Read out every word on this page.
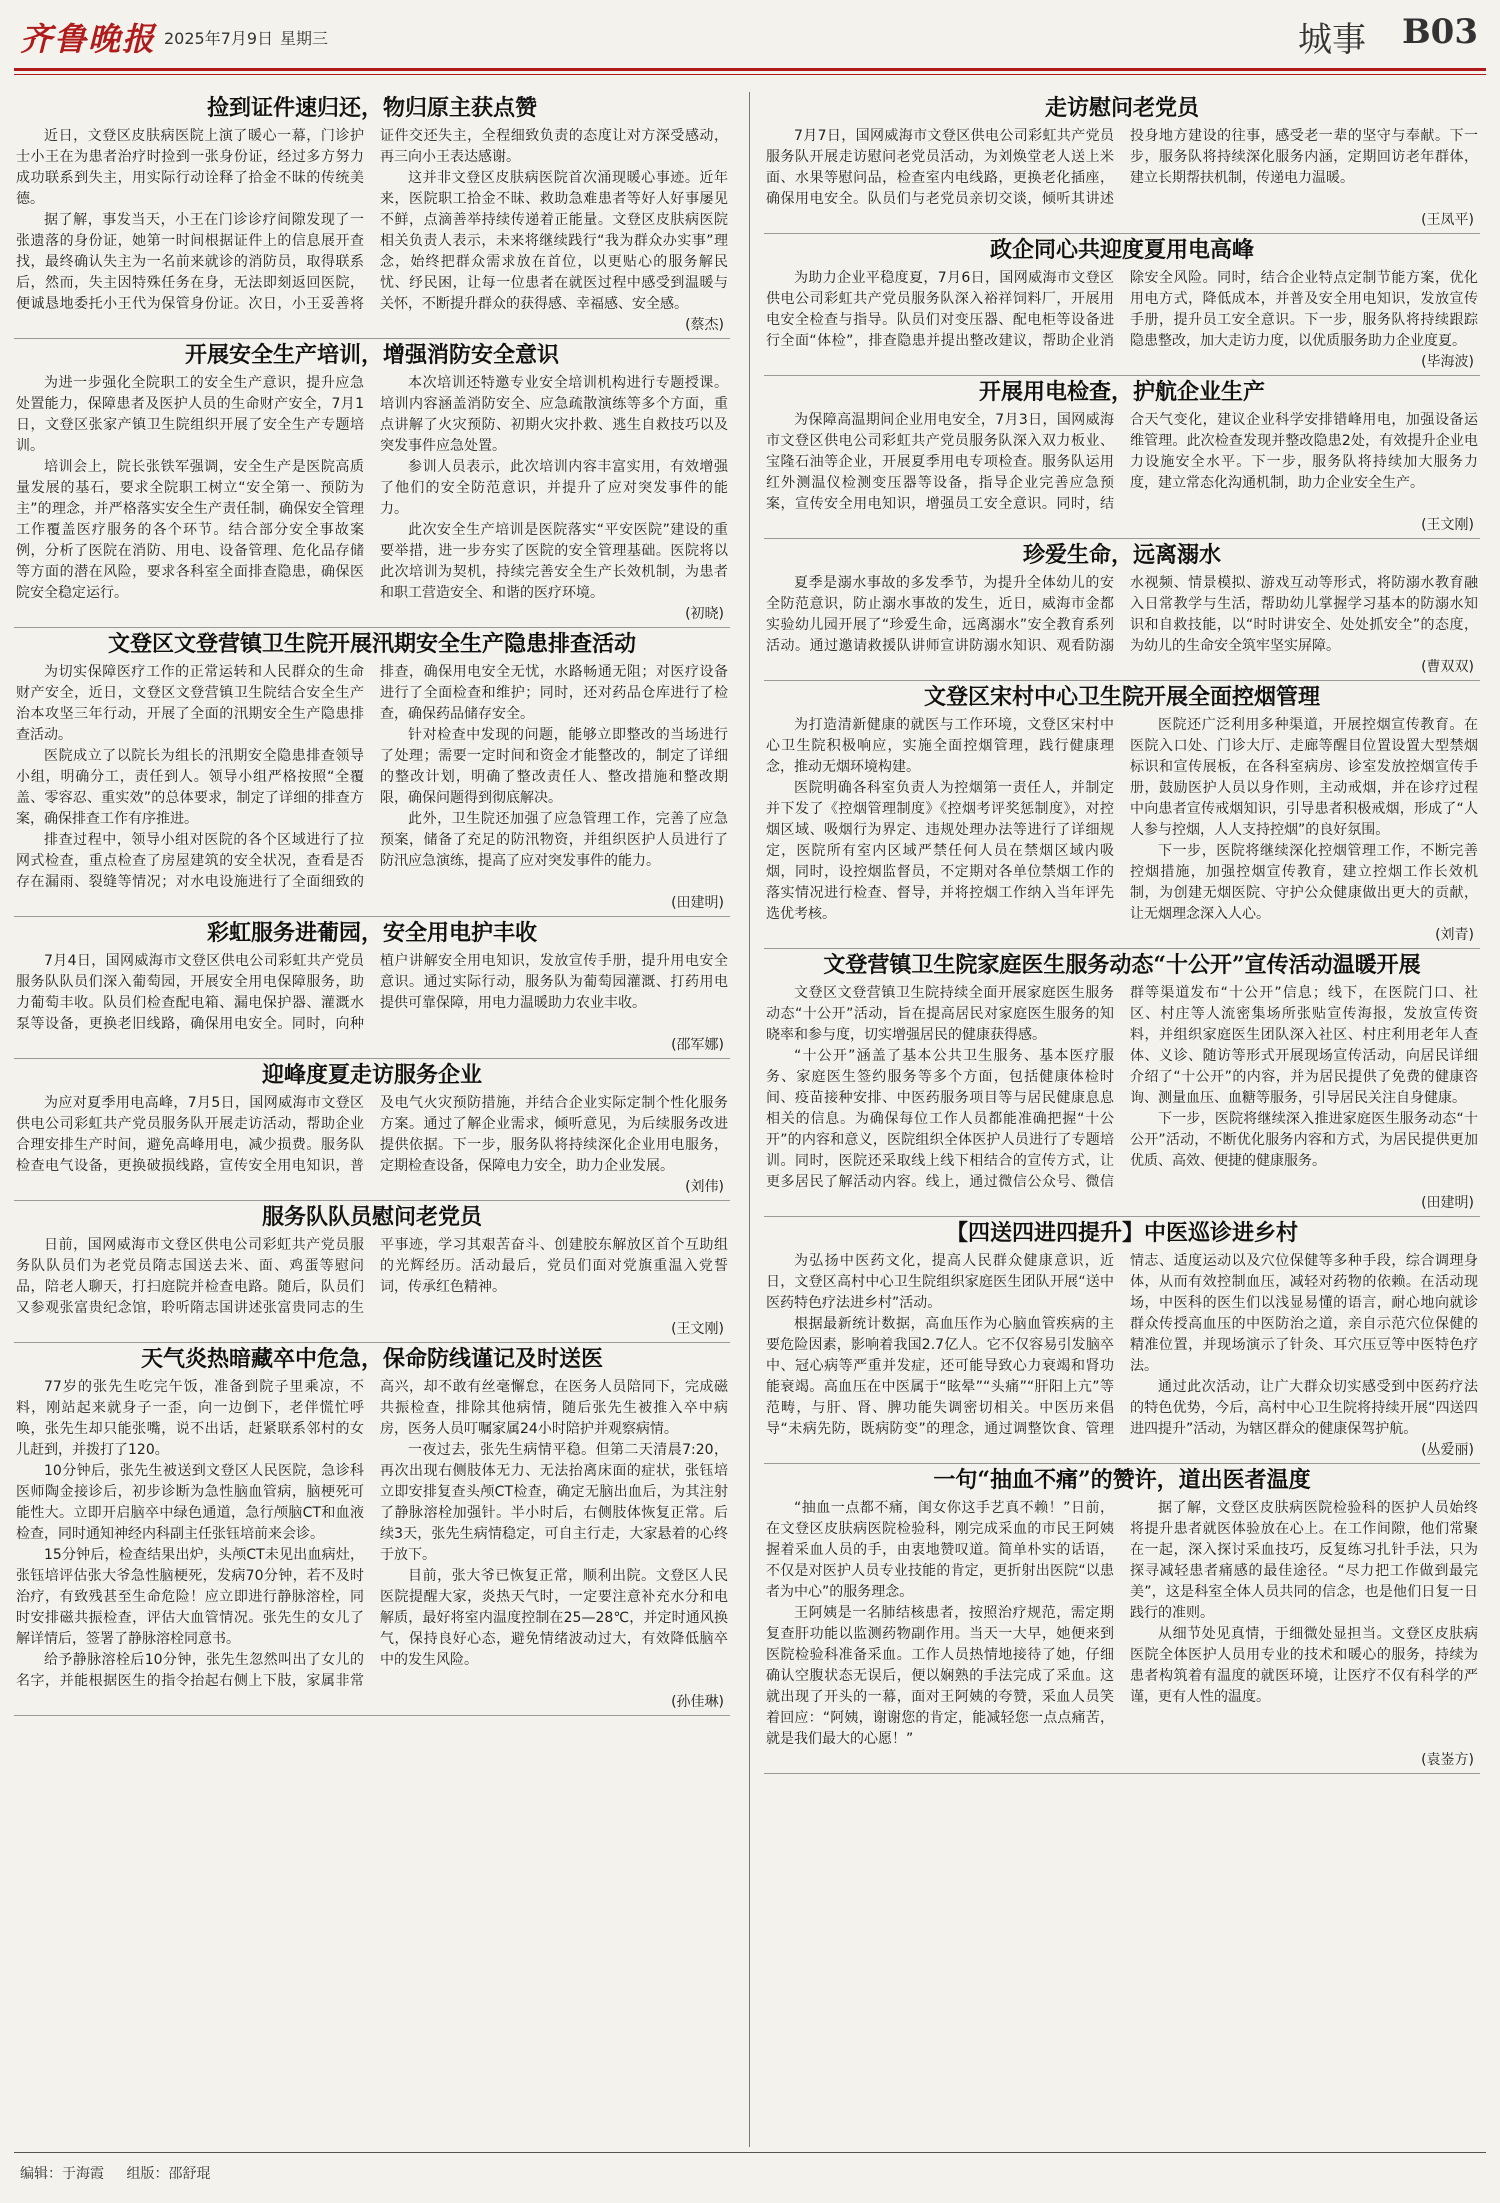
齐鲁晚报 2025年7月9日 星期三	城事 B03
捡到证件速归还，物归原主获点赞

近日，文登区皮肤病医院上演了暖心一幕，门诊护士小王在为患者治疗时捡到一张身份证，经过多方努力成功联系到失主，用实际行动诠释了拾金不昧的传统美德。

据了解，事发当天，小王在门诊诊疗间隙发现了一张遗落的身份证，她第一时间根据证件上的信息展开查找，最终确认失主为一名前来就诊的消防员，取得联系后，然而，失主因特殊任务在身，无法即刻返回医院，便诚恳地委托小王代为保管身份证。次日，小王妥善将证件交还失主，全程细致负责的态度让对方深受感动，再三向小王表达感谢。

这并非文登区皮肤病医院首次涌现暖心事迹。近年来，医院职工拾金不昧、救助急难患者等好人好事屡见不鲜，点滴善举持续传递着正能量。文登区皮肤病医院相关负责人表示，未来将继续践行“我为群众办实事”理念，始终把群众需求放在首位，以更贴心的服务解民忧、纾民困，让每一位患者在就医过程中感受到温暖与关怀，不断提升群众的获得感、幸福感、安全感。

(蔡杰)
开展安全生产培训，增强消防安全意识

为进一步强化全院职工的安全生产意识，提升应急处置能力，保障患者及医护人员的生命财产安全，7月1日，文登区张家产镇卫生院组织开展了安全生产专题培训。

培训会上，院长张铁军强调，安全生产是医院高质量发展的基石，要求全院职工树立“安全第一、预防为主”的理念，并严格落实安全生产责任制，确保安全管理工作覆盖医疗服务的各个环节。结合部分安全事故案例，分析了医院在消防、用电、设备管理、危化品存储等方面的潜在风险，要求各科室全面排查隐患，确保医院安全稳定运行。

本次培训还特邀专业安全培训机构进行专题授课。培训内容涵盖消防安全、应急疏散演练等多个方面，重点讲解了火灾预防、初期火灾扑救、逃生自救技巧以及突发事件应急处置。

参训人员表示，此次培训内容丰富实用，有效增强了他们的安全防范意识，并提升了应对突发事件的能力。

此次安全生产培训是医院落实“平安医院”建设的重要举措，进一步夯实了医院的安全管理基础。医院将以此次培训为契机，持续完善安全生产长效机制，为患者和职工营造安全、和谐的医疗环境。

(初晓)
文登区文登营镇卫生院开展汛期安全生产隐患排查活动

为切实保障医疗工作的正常运转和人民群众的生命财产安全，近日，文登区文登营镇卫生院结合安全生产治本攻坚三年行动，开展了全面的汛期安全生产隐患排查活动。

医院成立了以院长为组长的汛期安全隐患排查领导小组，明确分工，责任到人。领导小组严格按照“全覆盖、零容忍、重实效”的总体要求，制定了详细的排查方案，确保排查工作有序推进。

排查过程中，领导小组对医院的各个区域进行了拉网式检查，重点检查了房屋建筑的安全状况，查看是否存在漏雨、裂缝等情况；对水电设施进行了全面细致的排查，确保用电安全无忧，水路畅通无阻；对医疗设备进行了全面检查和维护；同时，还对药品仓库进行了检查，确保药品储存安全。

针对检查中发现的问题，能够立即整改的当场进行了处理；需要一定时间和资金才能整改的，制定了详细的整改计划，明确了整改责任人、整改措施和整改期限，确保问题得到彻底解决。

此外，卫生院还加强了应急管理工作，完善了应急预案，储备了充足的防汛物资，并组织医护人员进行了防汛应急演练，提高了应对突发事件的能力。

(田建明)
彩虹服务进葡园，安全用电护丰收

7月4日，国网威海市文登区供电公司彩虹共产党员服务队队员们深入葡萄园，开展安全用电保障服务，助力葡萄丰收。队员们检查配电箱、漏电保护器、灌溉水泵等设备，更换老旧线路，确保用电安全。同时，向种植户讲解安全用电知识，发放宣传手册，提升用电安全意识。通过实际行动，服务队为葡萄园灌溉、打药用电提供可靠保障，用电力温暖助力农业丰收。

(邵军娜)
迎峰度夏走访服务企业

为应对夏季用电高峰，7月5日，国网威海市文登区供电公司彩虹共产党员服务队开展走访活动，帮助企业合理安排生产时间，避免高峰用电，减少损费。服务队检查电气设备，更换破损线路，宣传安全用电知识，普及电气火灾预防措施，并结合企业实际定制个性化服务方案。通过了解企业需求，倾听意见，为后续服务改进提供依据。下一步，服务队将持续深化企业用电服务，定期检查设备，保障电力安全，助力企业发展。

(刘伟)
服务队队员慰问老党员

日前，国网威海市文登区供电公司彩虹共产党员服务队队员们为老党员隋志国送去米、面、鸡蛋等慰问品，陪老人聊天，打扫庭院并检查电路。随后，队员们又参观张富贵纪念馆，聆听隋志国讲述张富贵同志的生平事迹，学习其艰苦奋斗、创建胶东解放区首个互助组的光辉经历。活动最后，党员们面对党旗重温入党誓词，传承红色精神。

(王文刚)
天气炎热暗藏卒中危急，保命防线谨记及时送医

77岁的张先生吃完午饭，准备到院子里乘凉，不料，刚站起来就身子一歪，向一边倒下，老伴慌忙呼唤，张先生却只能张嘴，说不出话，赶紧联系邻村的女儿赶到，并拨打了120。

10分钟后，张先生被送到文登区人民医院，急诊科医师陶金接诊后，初步诊断为急性脑血管病，脑梗死可能性大。立即开启脑卒中绿色通道，急行颅脑CT和血液检查，同时通知神经内科副主任张钰培前来会诊。

15分钟后，检查结果出炉，头颅CT未见出血病灶，张钰培评估张大爷急性脑梗死，发病70分钟，若不及时治疗，有致残甚至生命危险！应立即进行静脉溶栓，同时安排磁共振检查，评估大血管情况。张先生的女儿了解详情后，签署了静脉溶栓同意书。

给予静脉溶栓后10分钟，张先生忽然叫出了女儿的名字，并能根据医生的指令抬起右侧上下肢，家属非常高兴，却不敢有丝毫懈怠，在医务人员陪同下，完成磁共振检查，排除其他病情，随后张先生被推入卒中病房，医务人员叮嘱家属24小时陪护并观察病情。

一夜过去，张先生病情平稳。但第二天清晨7:20，再次出现右侧肢体无力、无法抬离床面的症状，张钰培立即安排复查头颅CT检查，确定无脑出血后，为其注射了静脉溶栓加强针。半小时后，右侧肢体恢复正常。后续3天，张先生病情稳定，可自主行走，大家悬着的心终于放下。

目前，张大爷已恢复正常，顺利出院。文登区人民医院提醒大家，炎热天气时，一定要注意补充水分和电解质，最好将室内温度控制在25—28℃，并定时通风换气，保持良好心态，避免情绪波动过大，有效降低脑卒中的发生风险。

(孙佳琳)
走访慰问老党员

7月7日，国网威海市文登区供电公司彩虹共产党员服务队开展走访慰问老党员活动，为刘焕堂老人送上米面、水果等慰问品，检查室内电线路，更换老化插座，确保用电安全。队员们与老党员亲切交谈，倾听其讲述投身地方建设的往事，感受老一辈的坚守与奉献。下一步，服务队将持续深化服务内涵，定期回访老年群体，建立长期帮扶机制，传递电力温暖。

(王凤平)
政企同心共迎度夏用电高峰

为助力企业平稳度夏，7月6日，国网威海市文登区供电公司彩虹共产党员服务队深入裕祥饲料厂，开展用电安全检查与指导。队员们对变压器、配电柜等设备进行全面“体检”，排查隐患并提出整改建议，帮助企业消除安全风险。同时，结合企业特点定制节能方案，优化用电方式，降低成本，并普及安全用电知识，发放宣传手册，提升员工安全意识。下一步，服务队将持续跟踪隐患整改，加大走访力度，以优质服务助力企业度夏。

(毕海波)
开展用电检查，护航企业生产

为保障高温期间企业用电安全，7月3日，国网威海市文登区供电公司彩虹共产党员服务队深入双力板业、宝隆石油等企业，开展夏季用电专项检查。服务队运用红外测温仪检测变压器等设备，指导企业完善应急预案，宣传安全用电知识，增强员工安全意识。同时，结合天气变化，建议企业科学安排错峰用电，加强设备运维管理。此次检查发现并整改隐患2处，有效提升企业电力设施安全水平。下一步，服务队将持续加大服务力度，建立常态化沟通机制，助力企业安全生产。

(王文刚)
珍爱生命，远离溺水

夏季是溺水事故的多发季节，为提升全体幼儿的安全防范意识，防止溺水事故的发生，近日，威海市金都实验幼儿园开展了“珍爱生命，远离溺水”安全教育系列活动。通过邀请救援队讲师宣讲防溺水知识、观看防溺水视频、情景模拟、游戏互动等形式，将防溺水教育融入日常教学与生活，帮助幼儿掌握学习基本的防溺水知识和自救技能，以“时时讲安全、处处抓安全”的态度，为幼儿的生命安全筑牢坚实屏障。

(曹双双)
文登区宋村中心卫生院开展全面控烟管理

为打造清新健康的就医与工作环境，文登区宋村中心卫生院积极响应，实施全面控烟管理，践行健康理念，推动无烟环境构建。

医院明确各科室负责人为控烟第一责任人，并制定并下发了《控烟管理制度》《控烟考评奖惩制度》，对控烟区域、吸烟行为界定、违规处理办法等进行了详细规定，医院所有室内区域严禁任何人员在禁烟区域内吸烟，同时，设控烟监督员，不定期对各单位禁烟工作的落实情况进行检查、督导，并将控烟工作纳入当年评先选优考核。

医院还广泛利用多种渠道，开展控烟宣传教育。在医院入口处、门诊大厅、走廊等醒目位置设置大型禁烟标识和宣传展板，在各科室病房、诊室发放控烟宣传手册，鼓励医护人员以身作则，主动戒烟，并在诊疗过程中向患者宣传戒烟知识，引导患者积极戒烟，形成了“人人参与控烟，人人支持控烟”的良好氛围。

下一步，医院将继续深化控烟管理工作，不断完善控烟措施，加强控烟宣传教育，建立控烟工作长效机制，为创建无烟医院、守护公众健康做出更大的贡献，让无烟理念深入人心。

(刘青)
文登营镇卫生院家庭医生服务动态“十公开”宣传活动温暖开展

文登区文登营镇卫生院持续全面开展家庭医生服务动态“十公开”活动，旨在提高居民对家庭医生服务的知晓率和参与度，切实增强居民的健康获得感。

“十公开”涵盖了基本公共卫生服务、基本医疗服务、家庭医生签约服务等多个方面，包括健康体检时间、疫苗接种安排、中医药服务项目等与居民健康息息相关的信息。为确保每位工作人员都能准确把握“十公开”的内容和意义，医院组织全体医护人员进行了专题培训。同时，医院还采取线上线下相结合的宣传方式，让更多居民了解活动内容。线上，通过微信公众号、微信群等渠道发布“十公开”信息；线下，在医院门口、社区、村庄等人流密集场所张贴宣传海报，发放宣传资料，并组织家庭医生团队深入社区、村庄利用老年人查体、义诊、随访等形式开展现场宣传活动，向居民详细介绍了“十公开”的内容，并为居民提供了免费的健康咨询、测量血压、血糖等服务，引导居民关注自身健康。

下一步，医院将继续深入推进家庭医生服务动态“十公开”活动，不断优化服务内容和方式，为居民提供更加优质、高效、便捷的健康服务。

(田建明)
【四送四进四提升】中医巡诊进乡村

为弘扬中医药文化，提高人民群众健康意识，近日，文登区高村中心卫生院组织家庭医生团队开展“送中医药特色疗法进乡村”活动。

根据最新统计数据，高血压作为心脑血管疾病的主要危险因素，影响着我国2.7亿人。它不仅容易引发脑卒中、冠心病等严重并发症，还可能导致心力衰竭和肾功能衰竭。高血压在中医属于“眩晕”“头痛”“肝阳上亢”等范畴，与肝、肾、脾功能失调密切相关。中医历来倡导“未病先防，既病防变”的理念，通过调整饮食、管理情志、适度运动以及穴位保健等多种手段，综合调理身体，从而有效控制血压，减轻对药物的依赖。在活动现场，中医科的医生们以浅显易懂的语言，耐心地向就诊群众传授高血压的中医防治之道，亲自示范穴位保健的精准位置，并现场演示了针灸、耳穴压豆等中医特色疗法。

通过此次活动，让广大群众切实感受到中医药疗法的特色优势，今后，高村中心卫生院将持续开展“四送四进四提升”活动，为辖区群众的健康保驾护航。

(丛爱丽)
一句“抽血不痛”的赞许，道出医者温度

“抽血一点都不痛，闺女你这手艺真不赖！”日前，在文登区皮肤病医院检验科，刚完成采血的市民王阿姨握着采血人员的手，由衷地赞叹道。简单朴实的话语，不仅是对医护人员专业技能的肯定，更折射出医院“以患者为中心”的服务理念。

王阿姨是一名肺结核患者，按照治疗规范，需定期复查肝功能以监测药物副作用。当天一大早，她便来到医院检验科准备采血。工作人员热情地接待了她，仔细确认空腹状态无误后，便以娴熟的手法完成了采血。这就出现了开头的一幕，面对王阿姨的夸赞，采血人员笑着回应：“阿姨，谢谢您的肯定，能减轻您一点点痛苦，就是我们最大的心愿！”

据了解，文登区皮肤病医院检验科的医护人员始终将提升患者就医体验放在心上。在工作间隙，他们常聚在一起，深入探讨采血技巧，反复练习扎针手法，只为探寻减轻患者痛感的最佳途径。“尽力把工作做到最完美”，这是科室全体人员共同的信念，也是他们日复一日践行的准则。

从细节处见真情，于细微处显担当。文登区皮肤病医院全体医护人员用专业的技术和暖心的服务，持续为患者构筑着有温度的就医环境，让医疗不仅有科学的严谨，更有人性的温度。

(袁崟方)
编辑：于海霞 组版：邵舒琨
